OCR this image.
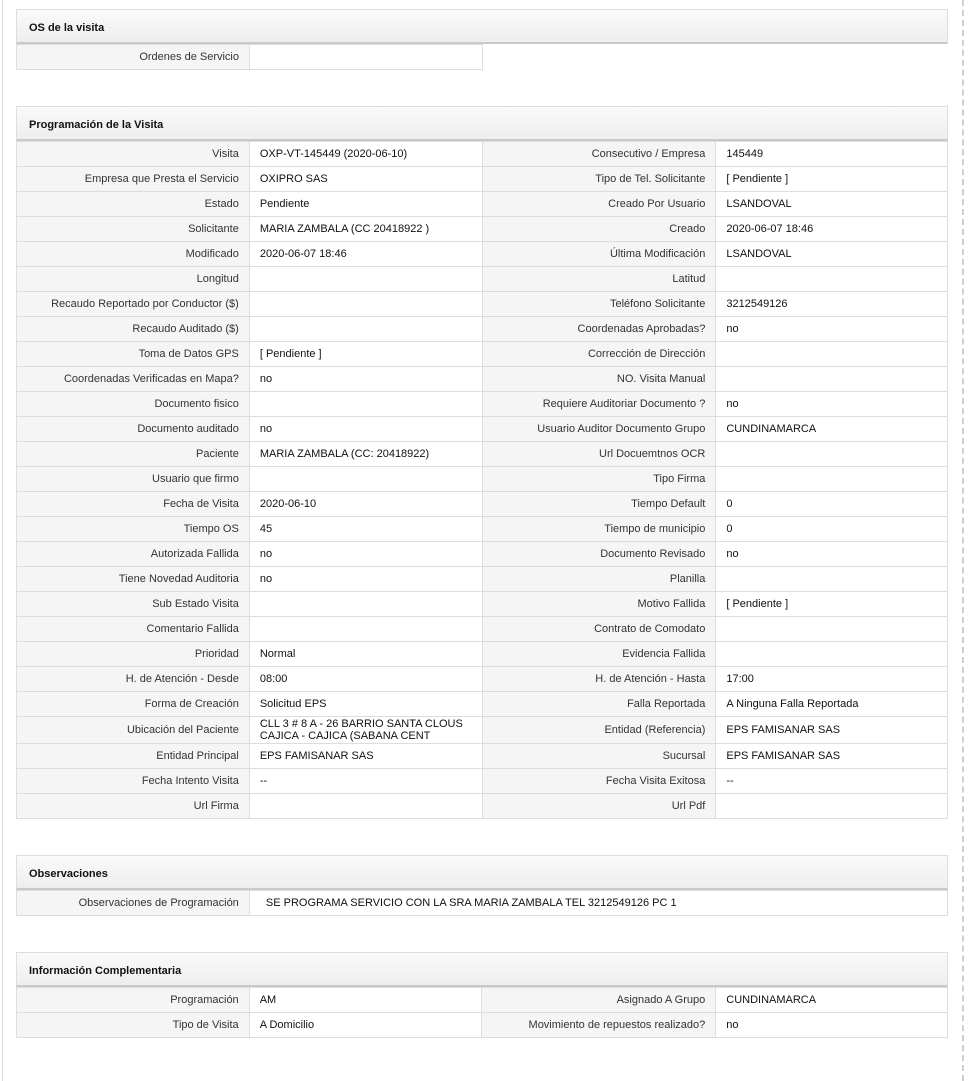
OS de la visita
Ordenes de Servicio	
Programación de la Visita
Visita	OXP-VT-145449 (2020-06-10)	Consecutivo / Empresa	145449
Empresa que Presta el Servicio	OXIPRO SAS	Tipo de Tel. Solicitante	[ Pendiente ]
Estado	Pendiente	Creado Por Usuario	LSANDOVAL
Solicitante	MARIA ZAMBALA (CC 20418922 )	Creado	2020-06-07 18:46
Modificado	2020-06-07 18:46	Última Modificación	LSANDOVAL
Longitud		Latitud	
Recaudo Reportado por Conductor ($)		Teléfono Solicitante	3212549126
Recaudo Auditado ($)		Coordenadas Aprobadas?	no
Toma de Datos GPS	[ Pendiente ]	Corrección de Dirección	
Coordenadas Verificadas en Mapa?	no	NO. Visita Manual	
Documento fisico		Requiere Auditoriar Documento ?	no
Documento auditado	no	Usuario Auditor Documento Grupo	CUNDINAMARCA
Paciente	MARIA ZAMBALA (CC: 20418922)	Url Docuemtnos OCR	
Usuario que firmo		Tipo Firma	
Fecha de Visita	2020-06-10	Tiempo Default	0
Tiempo OS	45	Tiempo de municipio	0
Autorizada Fallida	no	Documento Revisado	no
Tiene Novedad Auditoria	no	Planilla	
Sub Estado Visita		Motivo Fallida	[ Pendiente ]
Comentario Fallida		Contrato de Comodato	
Prioridad	Normal	Evidencia Fallida	
H. de Atención - Desde	08:00	H. de Atención - Hasta	17:00
Forma de Creación	Solicitud EPS	Falla Reportada	A Ninguna Falla Reportada
Ubicación del Paciente	CLL 3 # 8 A - 26 BARRIO SANTA CLOUS CAJICA - CAJICA (SABANA CENT	Entidad (Referencia)	EPS FAMISANAR SAS
Entidad Principal	EPS FAMISANAR SAS	Sucursal	EPS FAMISANAR SAS
Fecha Intento Visita	--	Fecha Visita Exitosa	--
Url Firma		Url Pdf	
Observaciones
Observaciones de Programación	SE PROGRAMA SERVICIO CON LA SRA MARIA ZAMBALA TEL 3212549126 PC 1
Información Complementaria
Programación	AM	Asignado A Grupo	CUNDINAMARCA
Tipo de Visita	A Domicilio	Movimiento de repuestos realizado?	no
